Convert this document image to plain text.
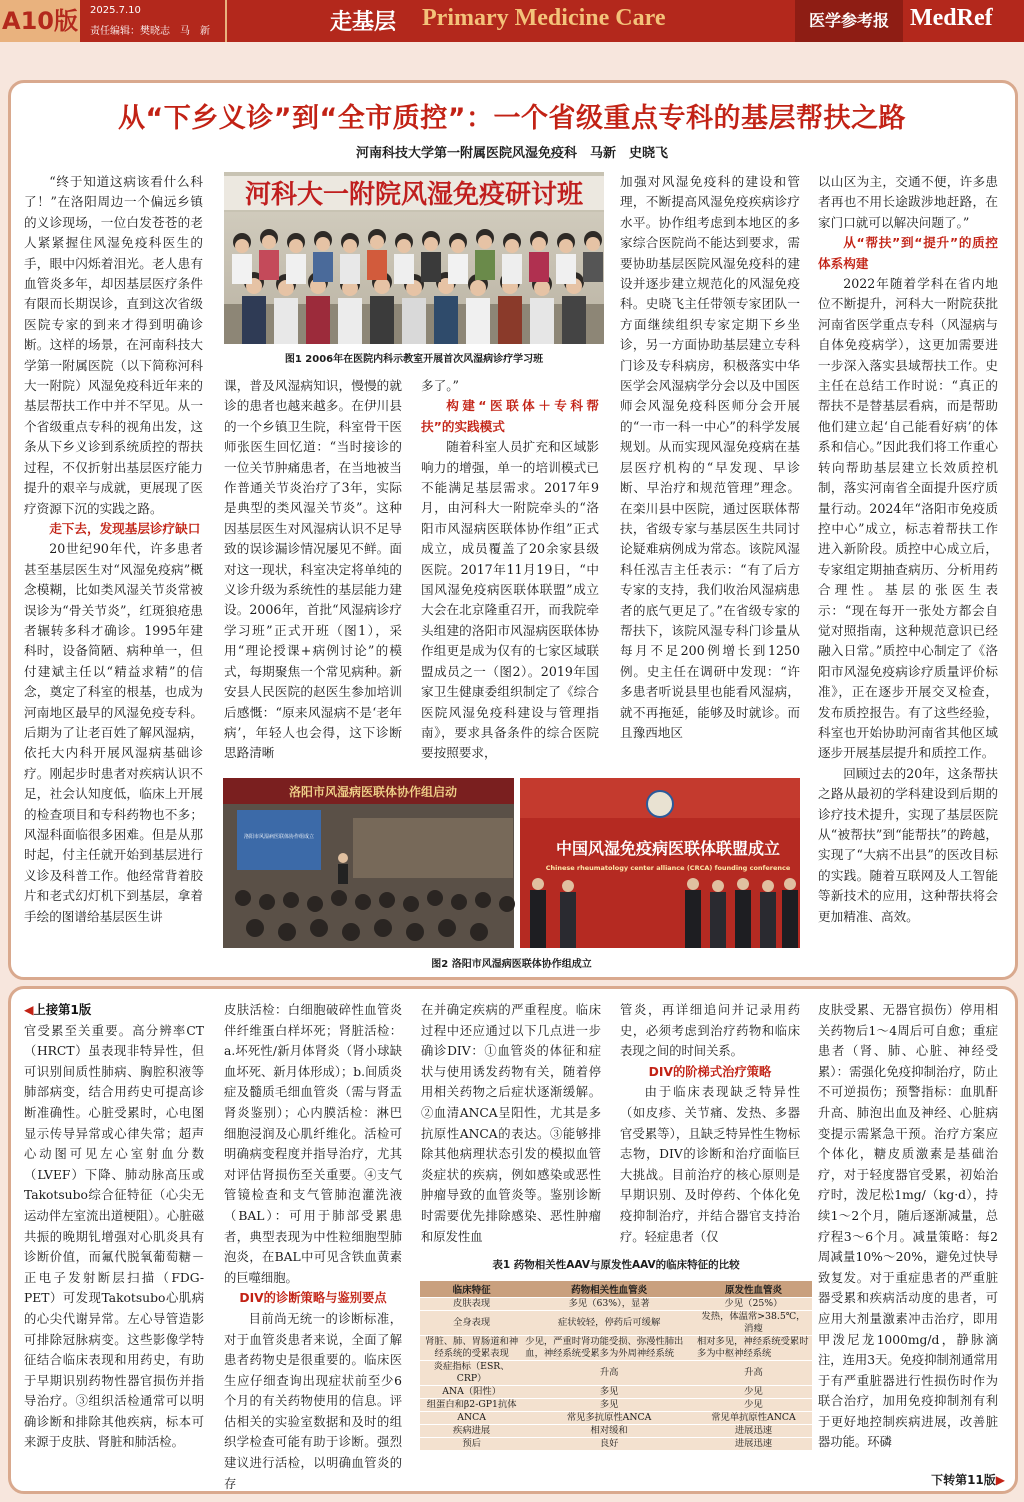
A10版 2025.7.10
责任编辑：樊晓志　马　新	走基层 Primary Medicine Care	医学参考报 MedRef
从“下乡义诊”到“全市质控”：一个省级重点专科的基层帮扶之路
河南科技大学第一附属医院风湿免疫科　马新　史晓飞
河科大一附院风湿免疫研讨班
图1 2006年在医院内科示教室开展首次风湿病诊疗学习班
洛阳市风湿病医联体协作组启动
洛阳市风湿病医联体协作组成立
中国风湿免疫病医联体联盟成立
Chinese rheumatology center alliance (CRCA) founding conference
图2 洛阳市风湿病医联体协作组成立

“终于知道这病该看什么科了！”在洛阳周边一个偏远乡镇的义诊现场，一位白发苍苍的老人紧紧握住风湿免疫科医生的手，眼中闪烁着泪光。老人患有血管炎多年，却因基层医疗条件有限而长期误诊，直到这次省级医院专家的到来才得到明确诊断。这样的场景，在河南科技大学第一附属医院（以下简称河科大一附院）风湿免疫科近年来的基层帮扶工作中并不罕见。从一个省级重点专科的视角出发，这条从下乡义诊到系统质控的帮扶过程，不仅折射出基层医疗能力提升的艰辛与成就，更展现了医疗资源下沉的实践之路。

走下去，发现基层诊疗缺口

20世纪90年代，许多患者甚至基层医生对“风湿免疫病”概念模糊，比如类风湿关节炎常被误诊为“骨关节炎”，红斑狼疮患者辗转多科才确诊。1995年建科时，设备简陋、病种单一，但付建斌主任以“精益求精”的信念，奠定了科室的根基，也成为河南地区最早的风湿免疫专科。后期为了让老百姓了解风湿病，依托大内科开展风湿病基础诊疗。刚起步时患者对疾病认识不足，社会认知度低，临床上开展的检查项目和专科药物也不多；风湿科面临很多困难。但是从那时起，付主任就开始到基层进行义诊及科普工作。他经常背着胶片和老式幻灯机下到基层，拿着手绘的图谱给基层医生讲

课，普及风湿病知识，慢慢的就诊的患者也越来越多。在伊川县的一个乡镇卫生院，科室骨干医师张医生回忆道：“当时接诊的一位关节肿痛患者，在当地被当作普通关节炎治疗了3年，实际是典型的类风湿关节炎”。这种因基层医生对风湿病认识不足导致的误诊漏诊情况屡见不鲜。面对这一现状，科室决定将单纯的义诊升级为系统性的基层能力建设。2006年，首批“风湿病诊疗学习班”正式开班（图1），采用“理论授课+病例讨论”的模式，每期聚焦一个常见病种。新安县人民医院的赵医生参加培训后感慨：“原来风湿病不是‘老年病’，年轻人也会得，这下诊断思路清晰

多了。”

构建“医联体＋专科帮扶”的实践模式

随着科室人员扩充和区域影响力的增强，单一的培训模式已不能满足基层需求。2017年9月，由河科大一附院牵头的“洛阳市风湿病医联体协作组”正式成立，成员覆盖了20余家县级医院。2017年11月19日，“中国风湿免疫病医联体联盟”成立大会在北京隆重召开，而我院牵头组建的洛阳市风湿病医联体协作组更是成为仅有的七家区域联盟成员之一（图2）。2019年国家卫生健康委组织制定了《综合医院风湿免疫科建设与管理指南》，要求具备条件的综合医院要按照要求，

加强对风湿免疫科的建设和管理，不断提高风湿免疫疾病诊疗水平。协作组考虑到本地区的多家综合医院尚不能达到要求，需要协助基层医院风湿免疫科的建设并逐步建立规范化的风湿免疫科。史晓飞主任带领专家团队一方面继续组织专家定期下乡坐诊，另一方面协助基层建立专科门诊及专科病房，积极落实中华医学会风湿病学分会以及中国医师会风湿免疫科医师分会开展的“一市一科一中心”的科学发展规划。从而实现风湿免疫病在基层医疗机构的“早发现、早诊断、早治疗和规范管理”理念。在栾川县中医院，通过医联体帮扶，省级专家与基层医生共同讨论疑难病例成为常态。该院风湿科任泓吉主任表示：“有了后方专家的支持，我们收治风湿病患者的底气更足了。”在省级专家的帮扶下，该院风湿专科门诊量从每月不足200例增长到1250例。史主任在调研中发现：“许多患者听说县里也能看风湿病，就不再拖延，能够及时就诊。而且豫西地区

以山区为主，交通不便，许多患者再也不用长途跋涉地赶路，在家门口就可以解决问题了。”

从“帮扶”到“提升”的质控体系构建

2022年随着学科在省内地位不断提升，河科大一附院获批河南省医学重点专科（风湿病与自体免疫病学），这更加需要进一步深入落实县域帮扶工作。史主任在总结工作时说：“真正的帮扶不是替基层看病，而是帮助他们建立起‘自己能看好病’的体系和信心。”因此我们将工作重心转向帮助基层建立长效质控机制，落实河南省全面提升医疗质量行动。2024年“洛阳市免疫质控中心”成立，标志着帮扶工作进入新阶段。质控中心成立后，专家组定期抽查病历、分析用药合理性。基层的张医生表示：“现在每开一张处方都会自觉对照指南，这种规范意识已经融入日常。”质控中心制定了《洛阳市风湿免疫病诊疗质量评价标准》，正在逐步开展交叉检查，发布质控报告。有了这些经验，科室也开始协助河南省其他区域逐步开展基层提升和质控工作。

回顾过去的20年，这条帮扶之路从最初的学科建设到后期的诊疗技术提升，实现了基层医院从“被帮扶”到“能帮扶”的跨越，实现了“大病不出县”的医改目标的实践。随着互联网及人工智能等新技术的应用，这种帮扶将会更加精准、高效。

◀上接第1版

官受累至关重要。高分辨率CT（HRCT）虽表现非特异性，但可识别间质性肺病、胸腔积液等肺部病变，结合用药史可提高诊断准确性。心脏受累时，心电图显示传导异常或心律失常；超声心动图可见左心室射血分数（LVEF）下降、肺动脉高压或Takotsubo综合征特征（心尖无运动伴左室流出道梗阻）。心脏磁共振的晚期钆增强对心肌炎具有诊断价值，而氟代脱氧葡萄糖－正电子发射断层扫描（FDG-PET）可发现Takotsubo心肌病的心尖代谢异常。左心导管造影可排除冠脉病变。这些影像学特征结合临床表现和用药史，有助于早期识别药物性器官损伤并指导治疗。③组织活检通常可以明确诊断和排除其他疾病，标本可来源于皮肤、肾脏和肺活检。

皮肤活检：白细胞破碎性血管炎伴纤维蛋白样坏死；肾脏活检：a.坏死性/新月体肾炎（肾小球缺血坏死、新月体形成）；b.间质炎症及髓质毛细血管炎（需与肾盂肾炎鉴别）；心内膜活检：淋巴细胞浸润及心肌纤维化。活检可明确病变程度并指导治疗，尤其对评估肾损伤至关重要。④支气管镜检查和支气管肺泡灌洗液（BAL）：可用于肺部受累患者，典型表现为中性粒细胞型肺泡炎，在BAL中可见含铁血黄素的巨噬细胞。

DIV的诊断策略与鉴别要点

目前尚无统一的诊断标准，对于血管炎患者来说，全面了解患者药物史是很重要的。临床医生应仔细查询出现症状前至少6个月的有关药物使用的信息。评估相关的实验室数据和及时的组织学检查可能有助于诊断。强烈建议进行活检，以明确血管炎的存

在并确定疾病的严重程度。临床过程中还应通过以下几点进一步确诊DIV：①血管炎的体征和症状与使用诱发药物有关，随着停用相关药物之后症状逐渐缓解。②血清ANCA呈阳性，尤其是多抗原性ANCA的表达。③能够排除其他病理状态引发的模拟血管炎症状的疾病，例如感染或恶性肿瘤导致的血管炎等。鉴别诊断时需要优先排除感染、恶性肿瘤和原发性血

管炎，再详细追问并记录用药史，必须考虑到治疗药物和临床表现之间的时间关系。

DIV的阶梯式治疗策略

由于临床表现缺乏特异性（如皮疹、关节痛、发热、多器官受累等），且缺乏特异性生物标志物，DIV的诊断和治疗面临巨大挑战。目前治疗的核心原则是早期识别、及时停药、个体化免疫抑制治疗，并结合器官支持治疗。轻症患者（仅

皮肤受累、无器官损伤）停用相关药物后1～4周后可自愈；重症患者（肾、肺、心脏、神经受累）：需强化免疫抑制治疗，防止不可逆损伤；预警指标：血肌酐升高、肺泡出血及神经、心脏病变提示需紧急干预。治疗方案应个体化，糖皮质激素是基础治疗，对于轻度器官受累，初始治疗时，泼尼松1mg/（kg·d），持续1～2个月，随后逐渐减量，总疗程3～6个月。减量策略：每2周减量10%～20%，避免过快导致复发。对于重症患者的严重脏器受累和疾病活动度的患者，可应用大剂量激素冲击治疗，即用甲泼尼龙1000mg/d，静脉滴注，连用3天。免疫抑制剂通常用于有严重脏器进行性损伤时作为联合治疗，加用免疫抑制剂有利于更好地控制疾病进展，改善脏器功能。环磷

下转第11版▶
表1 药物相关性AAV与原发性AAV的临床特征的比较
临床特征	药物相关性血管炎	原发性血管炎
皮肤表现	多见（63%），显著	少见（25%）
全身表现	症状较轻，停药后可缓解	发热，体温常>38.5℃，消瘦
肾脏、肺、胃肠道和神经系统的受累表现	少见，严重时肾功能受损、弥漫性肺出血，神经系统受累多为外周神经系统	相对多见，神经系统受累时多为中枢神经系统
炎症指标（ESR、CRP）	升高	升高
ANA（阳性）	多见	少见
组蛋白和β2-GP1抗体	多见	少见
ANCA	常见多抗原性ANCA	常见单抗原性ANCA
疾病进展	相对缓和	进展迅速
预后	良好	进展迅速
